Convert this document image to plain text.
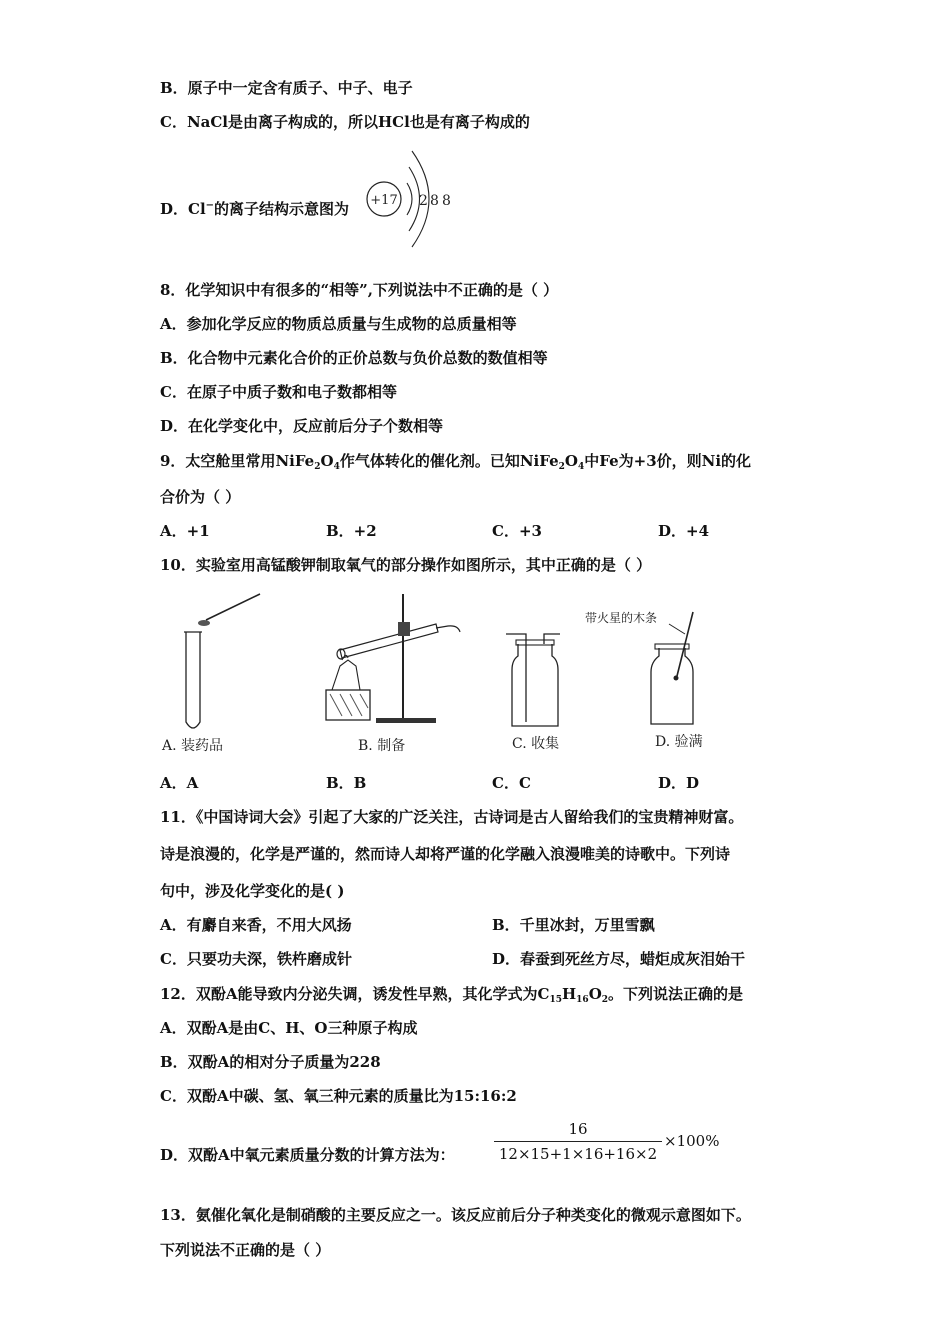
B．原子中一定含有质子、中子、电子
C．NaCl是由离子构成的，所以HCl也是有离子构成的
D．Cl−的离子结构示意图为 +17 2 8 8
8．化学知识中有很多的“相等”,下列说法中不正确的是（ ）
A．参加化学反应的物质总质量与生成物的总质量相等
B．化合物中元素化合价的正价总数与负价总数的数值相等
C．在原子中质子数和电子数都相等
D．在化学变化中，反应前后分子个数相等
9．太空舱里常用$NiFe_2O_4$作气体转化的催化剂。已知$NiFe_2O_4$中Fe为+3价，则Ni的化
合价为（ ）
A．+1	B．+2	C．+3	D．+4
10．实验室用高锰酸钾制取氧气的部分操作如图所示，其中正确的是（ ）
A. 装药品	B. 制备	C. 收集
带火星的木条
D. 验满
A．A	B．B	C．C	D．D
11．《中国诗词大会》引起了大家的广泛关注，古诗词是古人留给我们的宝贵精神财富。
诗是浪漫的，化学是严谨的，然而诗人却将严谨的化学融入浪漫唯美的诗歌中。下列诗
句中，涉及化学变化的是( )
A．有麝自来香，不用大风扬	B．千里冰封，万里雪飘
C．只要功夫深，铁杵磨成针	D．春蚕到死丝方尽，蜡炬成灰泪始干
12．双酚A能导致内分泌失调，诱发性早熟，其化学式为$C_{15}H_{16}O_2$。下列说法正确的是
A．双酚A是由C、H、O三种原子构成
B．双酚A的相对分子质量为228
C．双酚A中碳、氢、氧三种元素的质量比为15:16:2
D．双酚A中氧元素质量分数的计算方法为：
16
12×15+1×16+16×2
×100%
13．氨催化氧化是制硝酸的主要反应之一。该反应前后分子种类变化的微观示意图如下。
下列说法不正确的是（ ）
